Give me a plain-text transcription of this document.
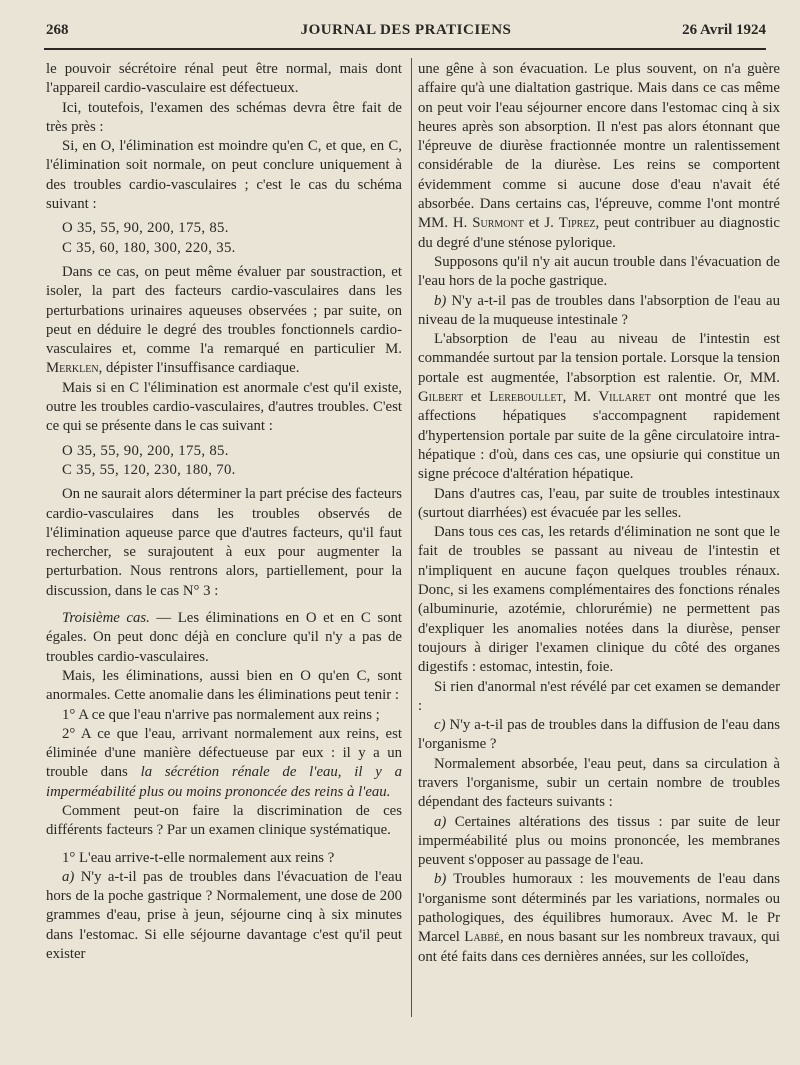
268	JOURNAL DES PRATICIENS	26 Avril 1924

le pouvoir sécrétoire rénal peut être normal, mais dont l'appareil cardio-vasculaire est défectueux.

Ici, toutefois, l'examen des schémas devra être fait de très près :

Si, en O, l'élimination est moindre qu'en C, et que, en C, l'élimination soit normale, on peut conclure uniquement à des troubles cardio-vasculaires ; c'est le cas du schéma suivant :

O 35, 55, 90, 200, 175, 85.

C 35, 60, 180, 300, 220, 35.

Dans ce cas, on peut même évaluer par soustraction, et isoler, la part des facteurs cardio-vasculaires dans les perturbations urinaires aqueuses observées ; par suite, on peut en déduire le degré des troubles fonctionnels cardio-vasculaires et, comme l'a remarqué en particulier M. Merklen, dépister l'insuffisance cardiaque.

Mais si en C l'élimination est anormale c'est qu'il existe, outre les troubles cardio-vasculaires, d'autres troubles. C'est ce qui se présente dans le cas suivant :

O 35, 55, 90, 200, 175, 85.

C 35, 55, 120, 230, 180, 70.

On ne saurait alors déterminer la part précise des facteurs cardio-vasculaires dans les troubles observés de l'élimination aqueuse parce que d'autres facteurs, qu'il faut rechercher, se surajoutent à eux pour augmenter la perturbation. Nous rentrons alors, partiellement, pour la discussion, dans le cas N° 3 :

Troisième cas. — Les éliminations en O et en C sont égales. On peut donc déjà en conclure qu'il n'y a pas de troubles cardio-vasculaires.

Mais, les éliminations, aussi bien en O qu'en C, sont anormales. Cette anomalie dans les éliminations peut tenir :

1° A ce que l'eau n'arrive pas normalement aux reins ;

2° A ce que l'eau, arrivant normalement aux reins, est éliminée d'une manière défectueuse par eux : il y a un trouble dans la sécrétion rénale de l'eau, il y a imperméabilité plus ou moins prononcée des reins à l'eau.

Comment peut-on faire la discrimination de ces différents facteurs ? Par un examen clinique systématique.

1° L'eau arrive-t-elle normalement aux reins ?

a) N'y a-t-il pas de troubles dans l'évacuation de l'eau hors de la poche gastrique ? Normalement, une dose de 200 grammes d'eau, prise à jeun, séjourne cinq à six minutes dans l'estomac. Si elle séjourne davantage c'est qu'il peut exister

une gêne à son évacuation. Le plus souvent, on n'a guère affaire qu'à une dialtation gastrique. Mais dans ce cas même on peut voir l'eau séjourner encore dans l'estomac cinq à six heures après son absorption. Il n'est pas alors étonnant que l'épreuve de diurèse fractionnée montre un ralentissement considérable de la diurèse. Les reins se comportent évidemment comme si aucune dose d'eau n'avait été absorbée. Dans certains cas, l'épreuve, comme l'ont montré MM. H. Surmont et J. Tiprez, peut contribuer au diagnostic du degré d'une sténose pylorique.

Supposons qu'il n'y ait aucun trouble dans l'évacuation de l'eau hors de la poche gastrique.

b) N'y a-t-il pas de troubles dans l'absorption de l'eau au niveau de la muqueuse intestinale ?

L'absorption de l'eau au niveau de l'intestin est commandée surtout par la tension portale. Lorsque la tension portale est augmentée, l'absorption est ralentie. Or, MM. Gilbert et Lereboullet, M. Villaret ont montré que les affections hépatiques s'accompagnent rapidement d'hypertension portale par suite de la gêne circulatoire intra-hépatique : d'où, dans ces cas, une opsiurie qui constitue un signe précoce d'altération hépatique.

Dans d'autres cas, l'eau, par suite de troubles intestinaux (surtout diarrhées) est évacuée par les selles.

Dans tous ces cas, les retards d'élimination ne sont que le fait de troubles se passant au niveau de l'intestin et n'impliquent en aucune façon quelques troubles rénaux. Donc, si les examens complémentaires des fonctions rénales (albuminurie, azotémie, chlorurémie) ne permettent pas d'expliquer les anomalies notées dans la diurèse, penser toujours à diriger l'examen clinique du côté des organes digestifs : estomac, intestin, foie.

Si rien d'anormal n'est révélé par cet examen se demander :

c) N'y a-t-il pas de troubles dans la diffusion de l'eau dans l'organisme ?

Normalement absorbée, l'eau peut, dans sa circulation à travers l'organisme, subir un certain nombre de troubles dépendant des facteurs suivants :

a) Certaines altérations des tissus : par suite de leur imperméabilité plus ou moins prononcée, les membranes peuvent s'opposer au passage de l'eau.

b) Troubles humoraux : les mouvements de l'eau dans l'organisme sont déterminés par les variations, normales ou pathologiques, des équilibres humoraux. Avec M. le Pr Marcel Labbé, en nous basant sur les nombreux travaux, qui ont été faits dans ces dernières années, sur les colloïdes,
